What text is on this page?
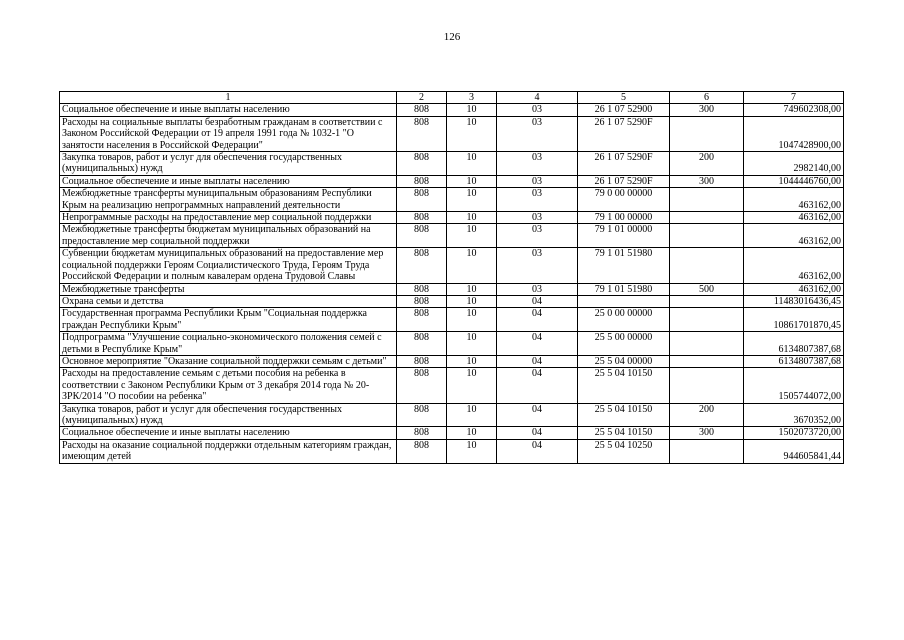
126
1	2	3	4	5	6	7
Социальное обеспечение и иные выплаты населению	808	10	03	26 1 07 52900	300	749602308,00
Расходы на социальные выплаты безработным гражданам в соответствии с Законом Российской Федерации от 19 апреля 1991 года № 1032-1 "О занятости населения в Российской Федерации"	808	10	03	26 1 07 5290F		1047428900,00
Закупка товаров, работ и услуг для обеспечения государственных (муниципальных) нужд	808	10	03	26 1 07 5290F	200	2982140,00
Социальное обеспечение и иные выплаты населению	808	10	03	26 1 07 5290F	300	1044446760,00
Межбюджетные трансферты муниципальным образованиям Республики Крым на реализацию непрограммных направлений деятельности	808	10	03	79 0 00 00000		463162,00
Непрограммные расходы на предоставление мер социальной поддержки	808	10	03	79 1 00 00000		463162,00
Межбюджетные трансферты бюджетам муниципальных образований на предоставление мер социальной поддержки	808	10	03	79 1 01 00000		463162,00
Субвенции бюджетам муниципальных образований на предоставление мер социальной поддержки Героям Социалистического Труда, Героям Труда Российской Федерации и полным кавалерам ордена Трудовой Славы	808	10	03	79 1 01 51980		463162,00
Межбюджетные трансферты	808	10	03	79 1 01 51980	500	463162,00
Охрана семьи и детства	808	10	04			11483016436,45
Государственная программа Республики Крым "Социальная поддержка граждан Республики Крым"	808	10	04	25 0 00 00000		10861701870,45
Подпрограмма "Улучшение социально-экономического положения семей с детьми в Республике Крым"	808	10	04	25 5 00 00000		6134807387,68
Основное мероприятие "Оказание социальной поддержки семьям с детьми"	808	10	04	25 5 04 00000		6134807387,68
Расходы на предоставление семьям с детьми пособия на ребенка в соответствии с Законом Республики Крым от 3 декабря 2014 года № 20-ЗРК/2014 "О пособии на ребенка"	808	10	04	25 5 04 10150		1505744072,00
Закупка товаров, работ и услуг для обеспечения государственных (муниципальных) нужд	808	10	04	25 5 04 10150	200	3670352,00
Социальное обеспечение и иные выплаты населению	808	10	04	25 5 04 10150	300	1502073720,00
Расходы на оказание социальной поддержки отдельным категориям граждан, имеющим детей	808	10	04	25 5 04 10250		944605841,44
